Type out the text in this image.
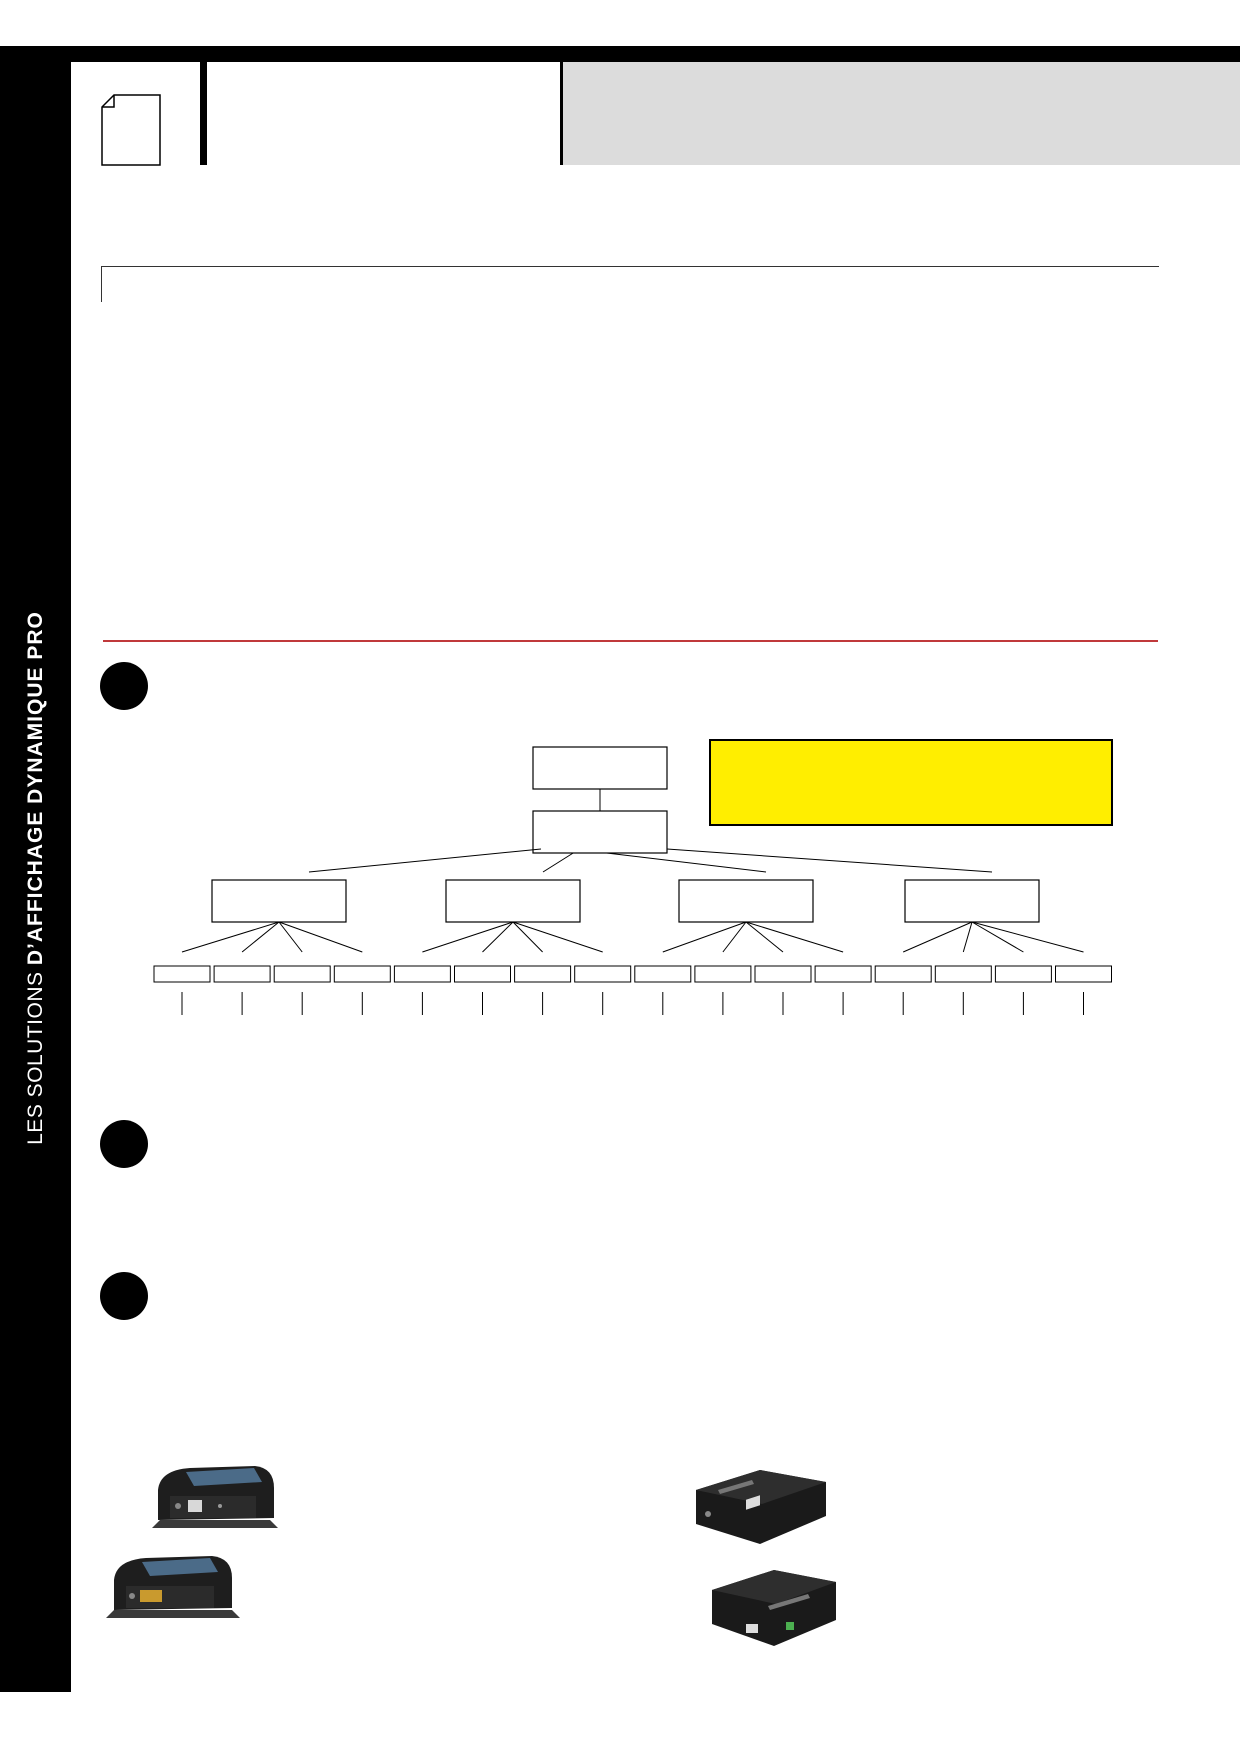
LES SOLUTIONS D’AFFICHAGE DYNAMIQUE PRO
